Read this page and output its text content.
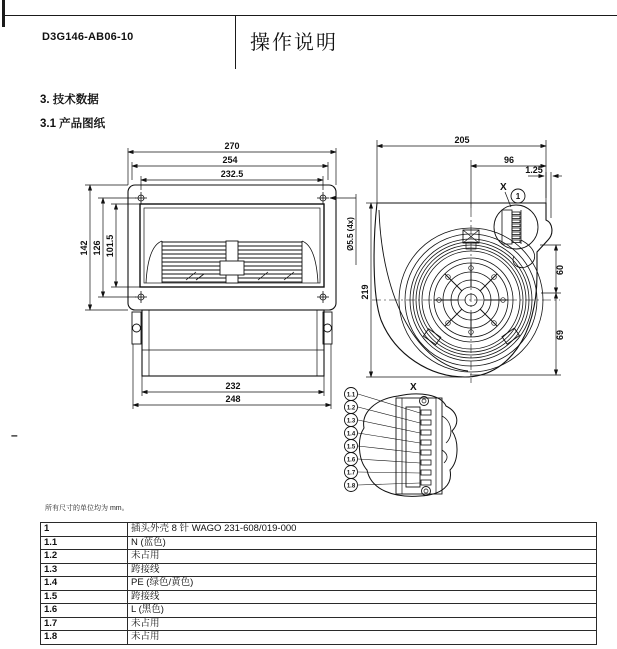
D3G146-AB06-10	操作说明
3. 技术数据
3.1 产品图纸
–
270
254
232.5
142 126 101.5
232
248
Ø5.5 (4x)
205
96
1.25
219
60
69
X
1
X
1.1
1.2
1.3
1.4
1.5
1.6
1.7
1.8
所有尺寸的单位均为 mm。
1	插头外壳 8 针 WAGO 231-608/019-000
1.1	N (蓝色)
1.2	未占用
1.3	跨接线
1.4	PE (绿色/黄色)
1.5	跨接线
1.6	L (黑色)
1.7	未占用
1.8	未占用
